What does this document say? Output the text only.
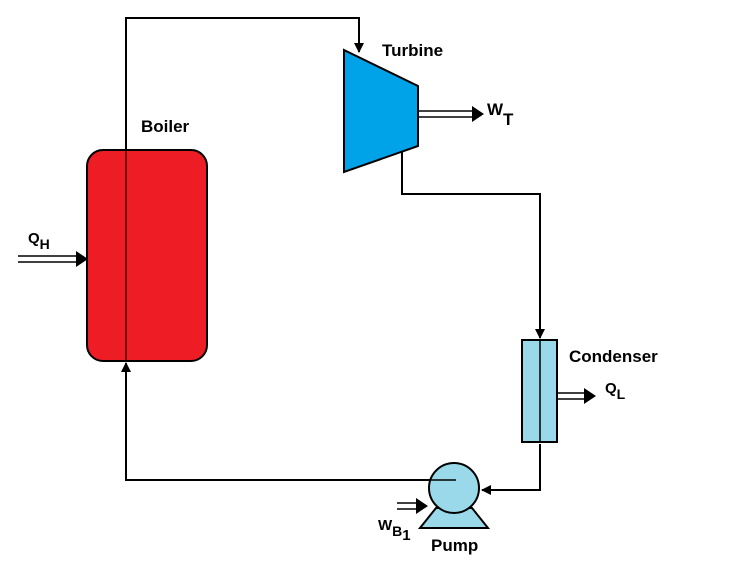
Boiler
Turbine
Condenser
Pump
QH
WT
QL
WB1
